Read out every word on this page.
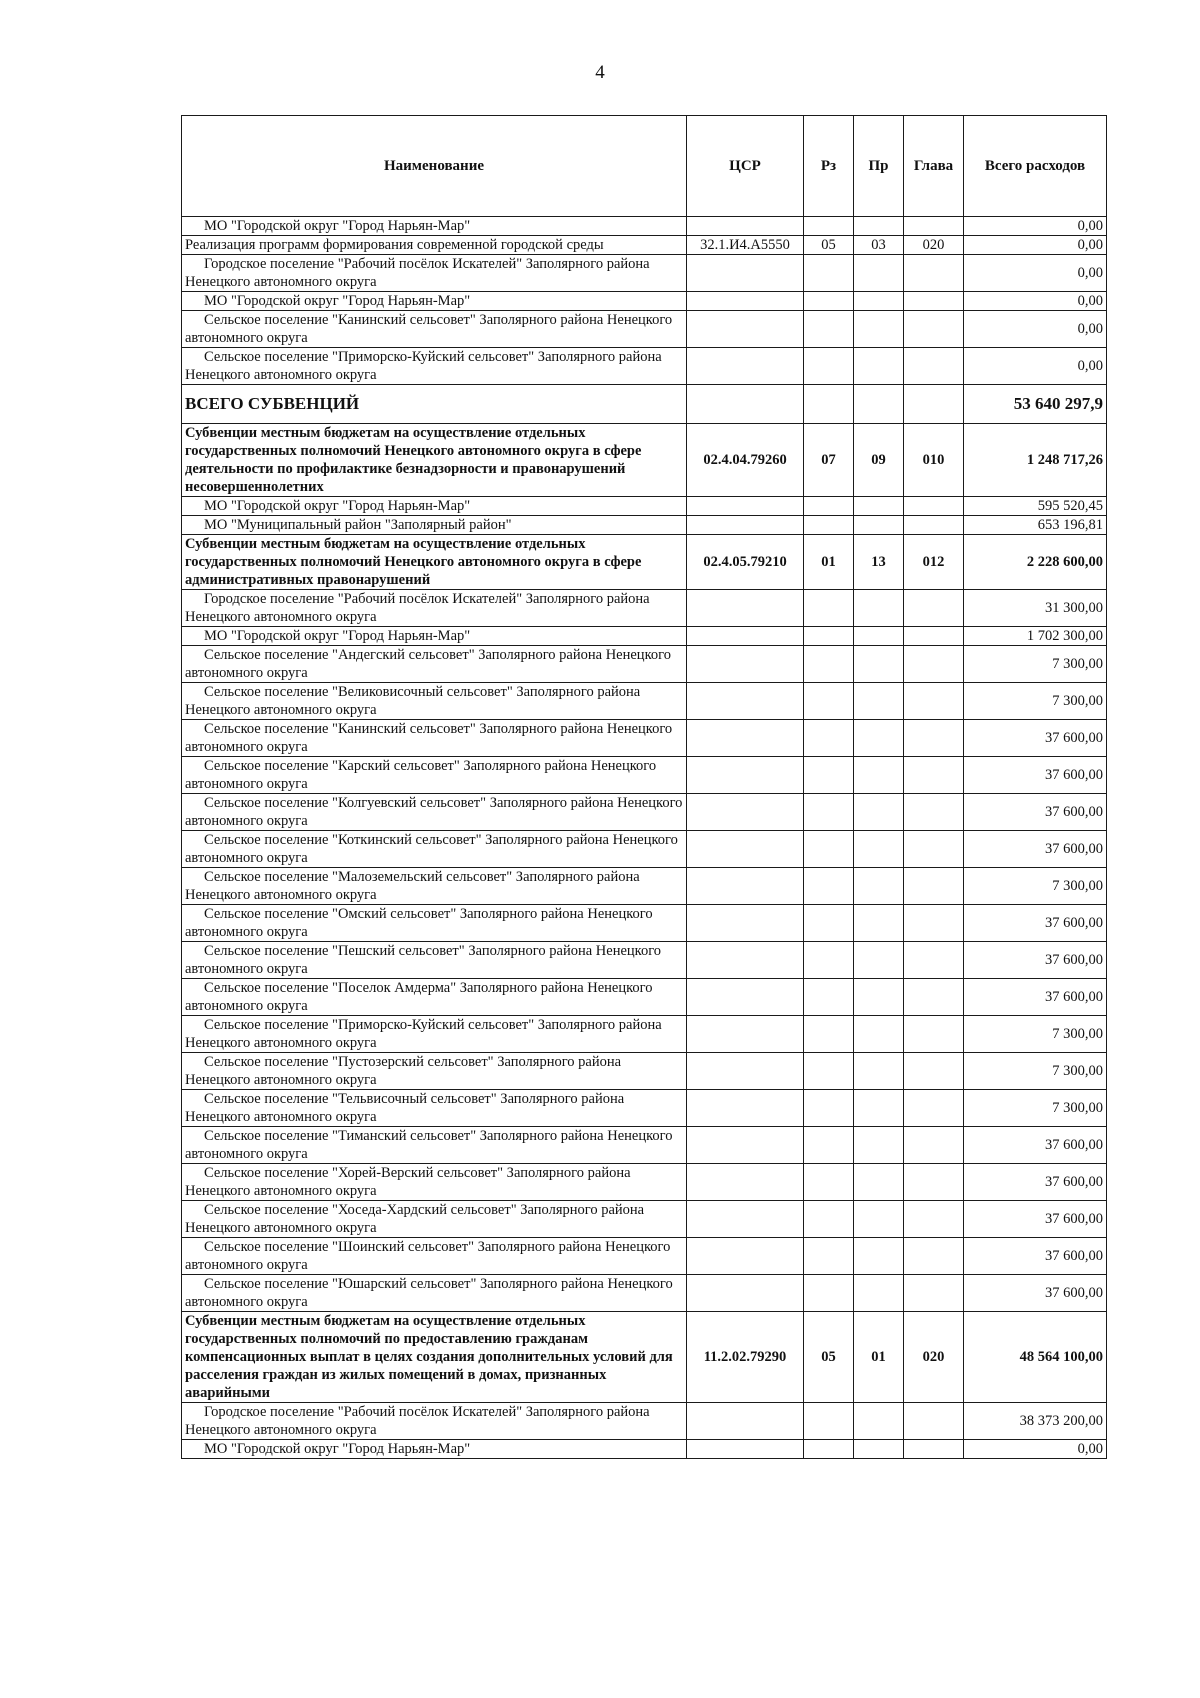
4
Наименование	ЦСР	Рз	Пр	Глава	Всего расходов
МО "Городской округ "Город Нарьян-Мар"					0,00
Реализация программ формирования современной городской среды	32.1.И4.А5550	05	03	020	0,00
Городское поселение "Рабочий посёлок Искателей" Заполярного района Ненецкого автономного округа					0,00
МО "Городской округ "Город Нарьян-Мар"					0,00
Сельское поселение "Канинский сельсовет" Заполярного района Ненецкого автономного округа					0,00
Сельское поселение "Приморско-Куйский сельсовет" Заполярного района Ненецкого автономного округа					0,00
ВСЕГО СУБВЕНЦИЙ					53 640 297,9
Субвенции местным бюджетам на осуществление отдельных государственных полномочий Ненецкого автономного округа в сфере деятельности по профилактике безнадзорности и правонарушений несовершеннолетних	02.4.04.79260	07	09	010	1 248 717,26
МО "Городской округ "Город Нарьян-Мар"					595 520,45
МО "Муниципальный район "Заполярный район"					653 196,81
Субвенции местным бюджетам на осуществление отдельных государственных полномочий Ненецкого автономного округа в сфере административных правонарушений	02.4.05.79210	01	13	012	2 228 600,00
Городское поселение "Рабочий посёлок Искателей" Заполярного района Ненецкого автономного округа					31 300,00
МО "Городской округ "Город Нарьян-Мар"					1 702 300,00
Сельское поселение "Андегский сельсовет" Заполярного района Ненецкого автономного округа					7 300,00
Сельское поселение "Великовисочный сельсовет" Заполярного района Ненецкого автономного округа					7 300,00
Сельское поселение "Канинский сельсовет" Заполярного района Ненецкого автономного округа					37 600,00
Сельское поселение "Карский сельсовет" Заполярного района Ненецкого автономного округа					37 600,00
Сельское поселение "Колгуевский сельсовет" Заполярного района Ненецкого автономного округа					37 600,00
Сельское поселение "Коткинский сельсовет" Заполярного района Ненецкого автономного округа					37 600,00
Сельское поселение "Малоземельский сельсовет" Заполярного района Ненецкого автономного округа					7 300,00
Сельское поселение "Омский сельсовет" Заполярного района Ненецкого автономного округа					37 600,00
Сельское поселение "Пешский сельсовет" Заполярного района Ненецкого автономного округа					37 600,00
Сельское поселение "Поселок Амдерма" Заполярного района Ненецкого автономного округа					37 600,00
Сельское поселение "Приморско-Куйский сельсовет" Заполярного района Ненецкого автономного округа					7 300,00
Сельское поселение "Пустозерский сельсовет" Заполярного района Ненецкого автономного округа					7 300,00
Сельское поселение "Тельвисочный сельсовет" Заполярного района Ненецкого автономного округа					7 300,00
Сельское поселение "Тиманский сельсовет" Заполярного района Ненецкого автономного округа					37 600,00
Сельское поселение "Хорей-Верский сельсовет" Заполярного района Ненецкого автономного округа					37 600,00
Сельское поселение "Хоседа-Хардский сельсовет" Заполярного района Ненецкого автономного округа					37 600,00
Сельское поселение "Шоинский сельсовет" Заполярного района Ненецкого автономного округа					37 600,00
Сельское поселение "Юшарский сельсовет" Заполярного района Ненецкого автономного округа					37 600,00
Субвенции местным бюджетам на осуществление отдельных государственных полномочий по предоставлению гражданам компенсационных выплат в целях создания дополнительных условий для расселения граждан из жилых помещений в домах, признанных аварийными	11.2.02.79290	05	01	020	48 564 100,00
Городское поселение "Рабочий посёлок Искателей" Заполярного района Ненецкого автономного округа					38 373 200,00
МО "Городской округ "Город Нарьян-Мар"					0,00
